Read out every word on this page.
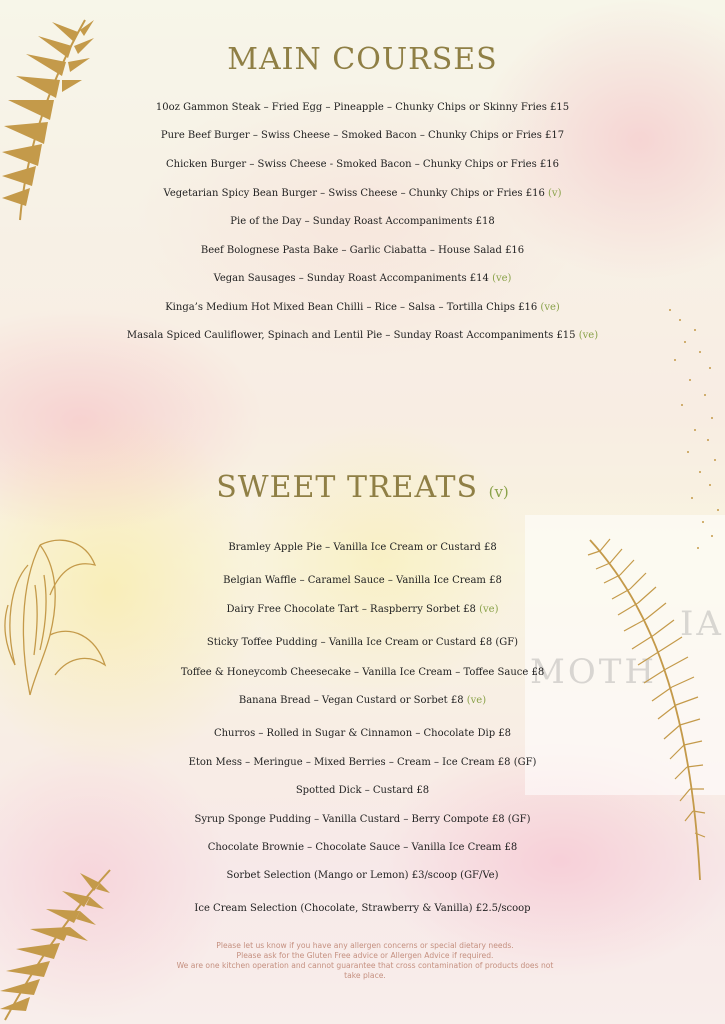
IA
MOTH
MAIN COURSES
10oz Gammon Steak – Fried Egg – Pineapple – Chunky Chips or Skinny Fries £15
Pure Beef Burger – Swiss Cheese – Smoked Bacon – Chunky Chips or Fries £17
Chicken Burger – Swiss Cheese - Smoked Bacon – Chunky Chips or Fries £16
Vegetarian Spicy Bean Burger – Swiss Cheese – Chunky Chips or Fries £16 (v)
Pie of the Day – Sunday Roast Accompaniments £18
Beef Bolognese Pasta Bake – Garlic Ciabatta – House Salad £16
Vegan Sausages – Sunday Roast Accompaniments £14 (ve)
Kinga’s Medium Hot Mixed Bean Chilli – Rice – Salsa – Tortilla Chips £16 (ve)
Masala Spiced Cauliflower, Spinach and Lentil Pie – Sunday Roast Accompaniments £15 (ve)
SWEET TREATS (v)
Bramley Apple Pie – Vanilla Ice Cream or Custard £8
Belgian Waffle – Caramel Sauce – Vanilla Ice Cream £8
Dairy Free Chocolate Tart – Raspberry Sorbet £8 (ve)
Sticky Toffee Pudding – Vanilla Ice Cream or Custard £8 (GF)
Toffee & Honeycomb Cheesecake – Vanilla Ice Cream – Toffee Sauce £8
Banana Bread – Vegan Custard or Sorbet £8 (ve)
Churros – Rolled in Sugar & Cinnamon – Chocolate Dip £8
Eton Mess – Meringue – Mixed Berries – Cream – Ice Cream £8 (GF)
Spotted Dick – Custard £8
Syrup Sponge Pudding – Vanilla Custard – Berry Compote £8 (GF)
Chocolate Brownie – Chocolate Sauce – Vanilla Ice Cream £8
Sorbet Selection (Mango or Lemon) £3/scoop (GF/Ve)
Ice Cream Selection (Chocolate, Strawberry & Vanilla) £2.5/scoop
Please let us know if you have any allergen concerns or special dietary needs.
Please ask for the Gluten Free advice or Allergen Advice if required.
We are one kitchen operation and cannot guarantee that cross contamination of products does not
take place.
